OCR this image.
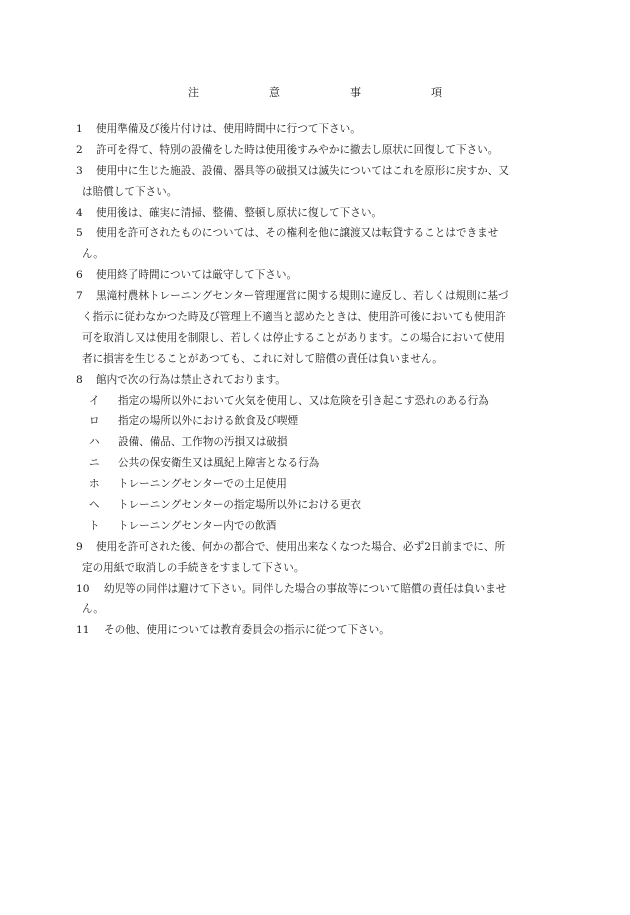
注	意	事	項
1 使用準備及び後片付けは、使用時間中に行つて下さい。
2 許可を得て、特別の設備をした時は使用後すみやかに撤去し原状に回復して下さい。
3 使用中に生じた施設、設備、器具等の破損又は滅失についてはこれを原形に戻すか、又
は賠償して下さい。
4 使用後は、確実に清掃、整備、整頓し原状に復して下さい。
5 使用を許可されたものについては、その権利を他に譲渡又は転貸することはできませ
ん。
6 使用終了時間については厳守して下さい。
7 黒滝村農林トレーニングセンター管理運営に関する規則に違反し、若しくは規則に基づ
く指示に従わなかつた時及び管理上不適当と認めたときは、使用許可後においても使用許
可を取消し又は使用を制限し、若しくは停止することがあります。この場合において使用
者に損害を生じることがあつても、これに対して賠償の責任は負いません。
8 館内で次の行為は禁止されております。
イ	指定の場所以外において火気を使用し、又は危険を引き起こす恐れのある行為
ロ	指定の場所以外における飲食及び喫煙
ハ	設備、備品、工作物の汚損又は破損
ニ	公共の保安衛生又は風紀上障害となる行為
ホ	トレーニングセンターでの土足使用
ヘ	トレーニングセンターの指定場所以外における更衣
ト	トレーニングセンター内での飲酒
9 使用を許可された後、何かの都合で、使用出来なくなつた場合、必ず2日前までに、所
定の用紙で取消しの手続きをすまして下さい。
10 幼児等の同伴は避けて下さい。同伴した場合の事故等について賠償の責任は負いませ
ん。
11 その他、使用については教育委員会の指示に従つて下さい。
